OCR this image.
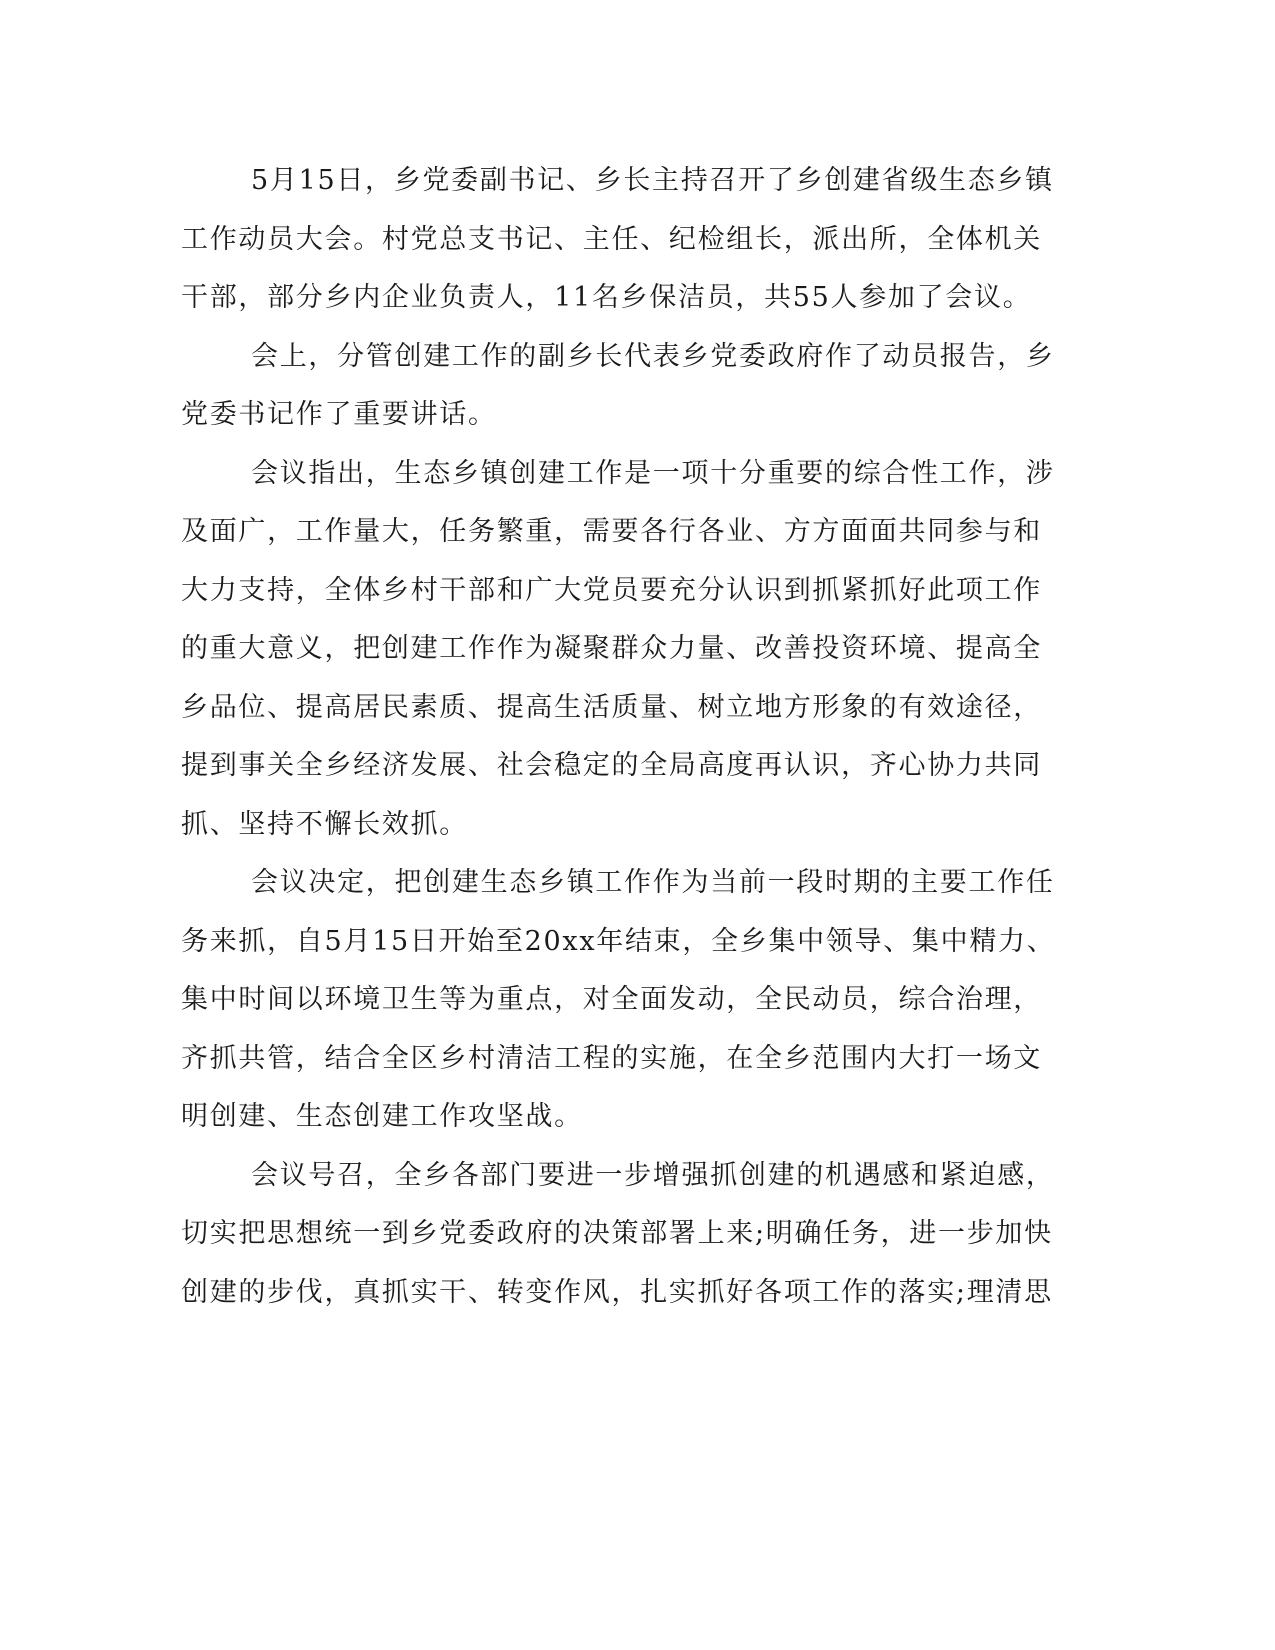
5月15日，乡党委副书记、乡长主持召开了乡创建省级生态乡镇
工作动员大会。村党总支书记、主任、纪检组长，派出所，全体机关
干部，部分乡内企业负责人，11名乡保洁员，共55人参加了会议。
会上，分管创建工作的副乡长代表乡党委政府作了动员报告，乡
党委书记作了重要讲话。
会议指出，生态乡镇创建工作是一项十分重要的综合性工作，涉
及面广，工作量大，任务繁重，需要各行各业、方方面面共同参与和
大力支持，全体乡村干部和广大党员要充分认识到抓紧抓好此项工作
的重大意义，把创建工作作为凝聚群众力量、改善投资环境、提高全
乡品位、提高居民素质、提高生活质量、树立地方形象的有效途径，
提到事关全乡经济发展、社会稳定的全局高度再认识，齐心协力共同
抓、坚持不懈长效抓。
会议决定，把创建生态乡镇工作作为当前一段时期的主要工作任
务来抓，自5月15日开始至20xx年结束，全乡集中领导、集中精力、
集中时间以环境卫生等为重点，对全面发动，全民动员，综合治理，
齐抓共管，结合全区乡村清洁工程的实施，在全乡范围内大打一场文
明创建、生态创建工作攻坚战。
会议号召，全乡各部门要进一步增强抓创建的机遇感和紧迫感，
切实把思想统一到乡党委政府的决策部署上来;明确任务，进一步加快
创建的步伐，真抓实干、转变作风，扎实抓好各项工作的落实;理清思
